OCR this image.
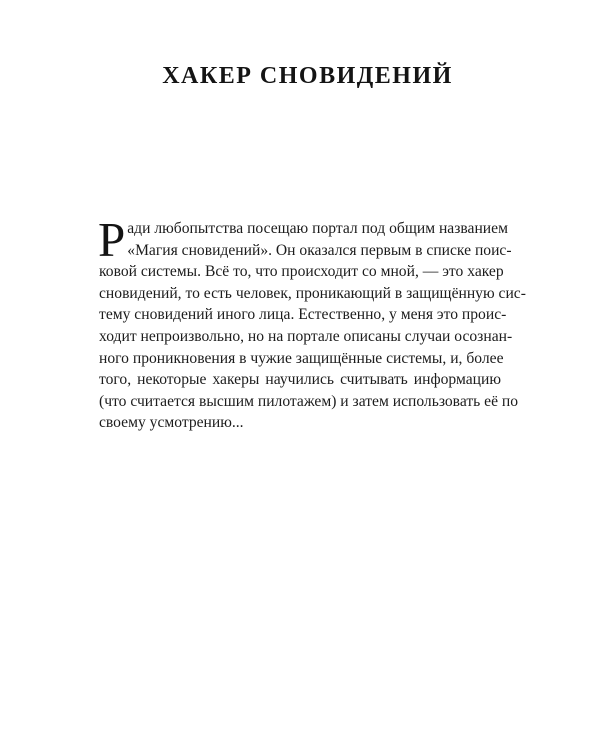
ХАКЕР СНОВИДЕНИЙ
Р ади любопытства посещаю портал под общим названием
«Магия сновидений». Он оказался первым в списке поис-
ковой системы. Всё то, что происходит со мной, — это хакер
сновидений, то есть человек, проникающий в защищённую сис-
тему сновидений иного лица. Естественно, у меня это проис-
ходит непроизвольно, но на портале описаны случаи осознан-
ного проникновения в чужие защищённые системы, и, более
того, некоторые хакеры научились считывать информацию
(что считается высшим пилотажем) и затем использовать её по
своему усмотрению...
